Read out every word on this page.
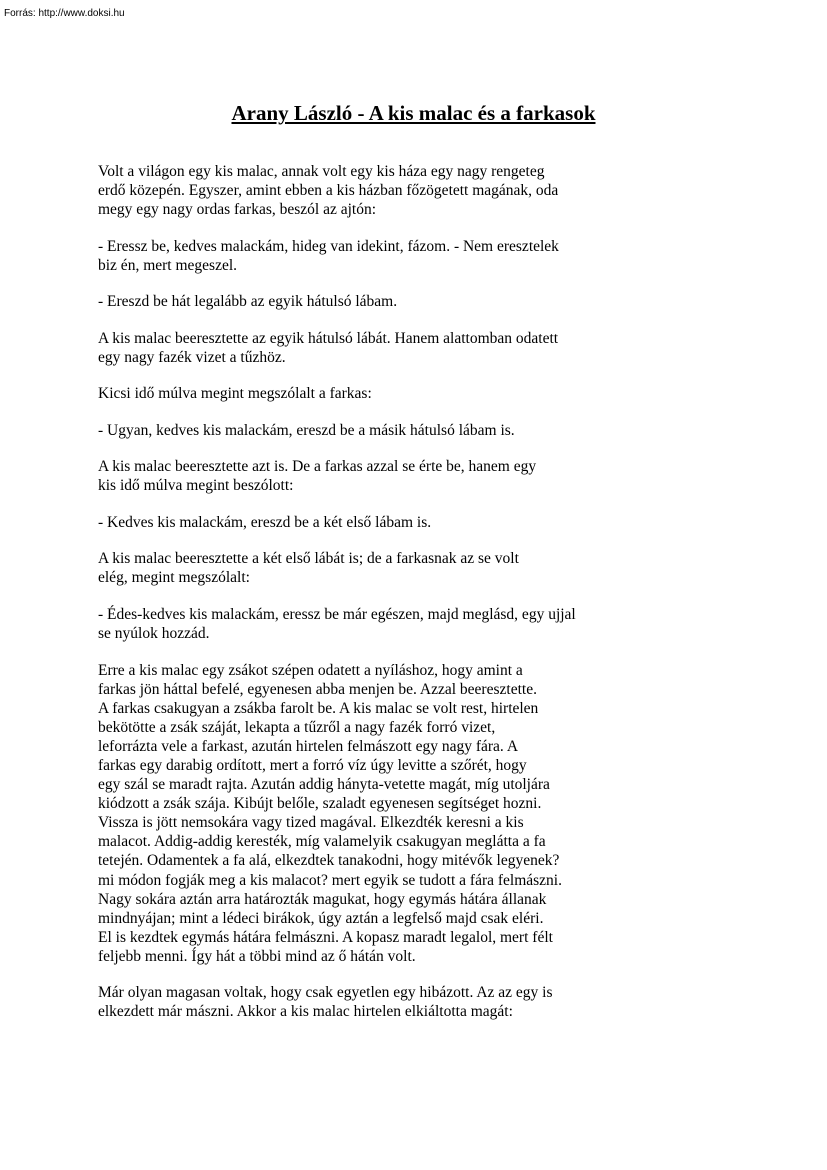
Forrás: http://www.doksi.hu
Arany László - A kis malac és a farkasok

Volt a világon egy kis malac, annak volt egy kis háza egy nagy rengeteg
erdő közepén. Egyszer, amint ebben a kis házban főzögetett magának, oda
megy egy nagy ordas farkas, beszól az ajtón:

- Eressz be, kedves malackám, hideg van idekint, fázom. - Nem eresztelek
biz én, mert megeszel.

- Ereszd be hát legalább az egyik hátulsó lábam.

A kis malac beeresztette az egyik hátulsó lábát. Hanem alattomban odatett
egy nagy fazék vizet a tűzhöz.

Kicsi idő múlva megint megszólalt a farkas:

- Ugyan, kedves kis malackám, ereszd be a másik hátulsó lábam is.

A kis malac beeresztette azt is. De a farkas azzal se érte be, hanem egy
kis idő múlva megint beszólott:

- Kedves kis malackám, ereszd be a két első lábam is.

A kis malac beeresztette a két első lábát is; de a farkasnak az se volt
elég, megint megszólalt:

- Édes-kedves kis malackám, eressz be már egészen, majd meglásd, egy ujjal
se nyúlok hozzád.

Erre a kis malac egy zsákot szépen odatett a nyíláshoz, hogy amint a
farkas jön háttal befelé, egyenesen abba menjen be. Azzal beeresztette.
A farkas csakugyan a zsákba farolt be. A kis malac se volt rest, hirtelen
bekötötte a zsák száját, lekapta a tűzről a nagy fazék forró vizet,
leforrázta vele a farkast, azután hirtelen felmászott egy nagy fára. A
farkas egy darabig ordított, mert a forró víz úgy levitte a szőrét, hogy
egy szál se maradt rajta. Azután addig hányta-vetette magát, míg utoljára
kiódzott a zsák szája. Kibújt belőle, szaladt egyenesen segítséget hozni.
Vissza is jött nemsokára vagy tized magával. Elkezdték keresni a kis
malacot. Addig-addig keresték, míg valamelyik csakugyan meglátta a fa
tetején. Odamentek a fa alá, elkezdtek tanakodni, hogy mitévők legyenek?
mi módon fogják meg a kis malacot? mert egyik se tudott a fára felmászni.
Nagy sokára aztán arra határozták magukat, hogy egymás hátára állanak
mindnyájan; mint a lédeci birákok, úgy aztán a legfelső majd csak eléri.
El is kezdtek egymás hátára felmászni. A kopasz maradt legalol, mert félt
feljebb menni. Így hát a többi mind az ő hátán volt.

Már olyan magasan voltak, hogy csak egyetlen egy hibázott. Az az egy is
elkezdett már mászni. Akkor a kis malac hirtelen elkiáltotta magát:
